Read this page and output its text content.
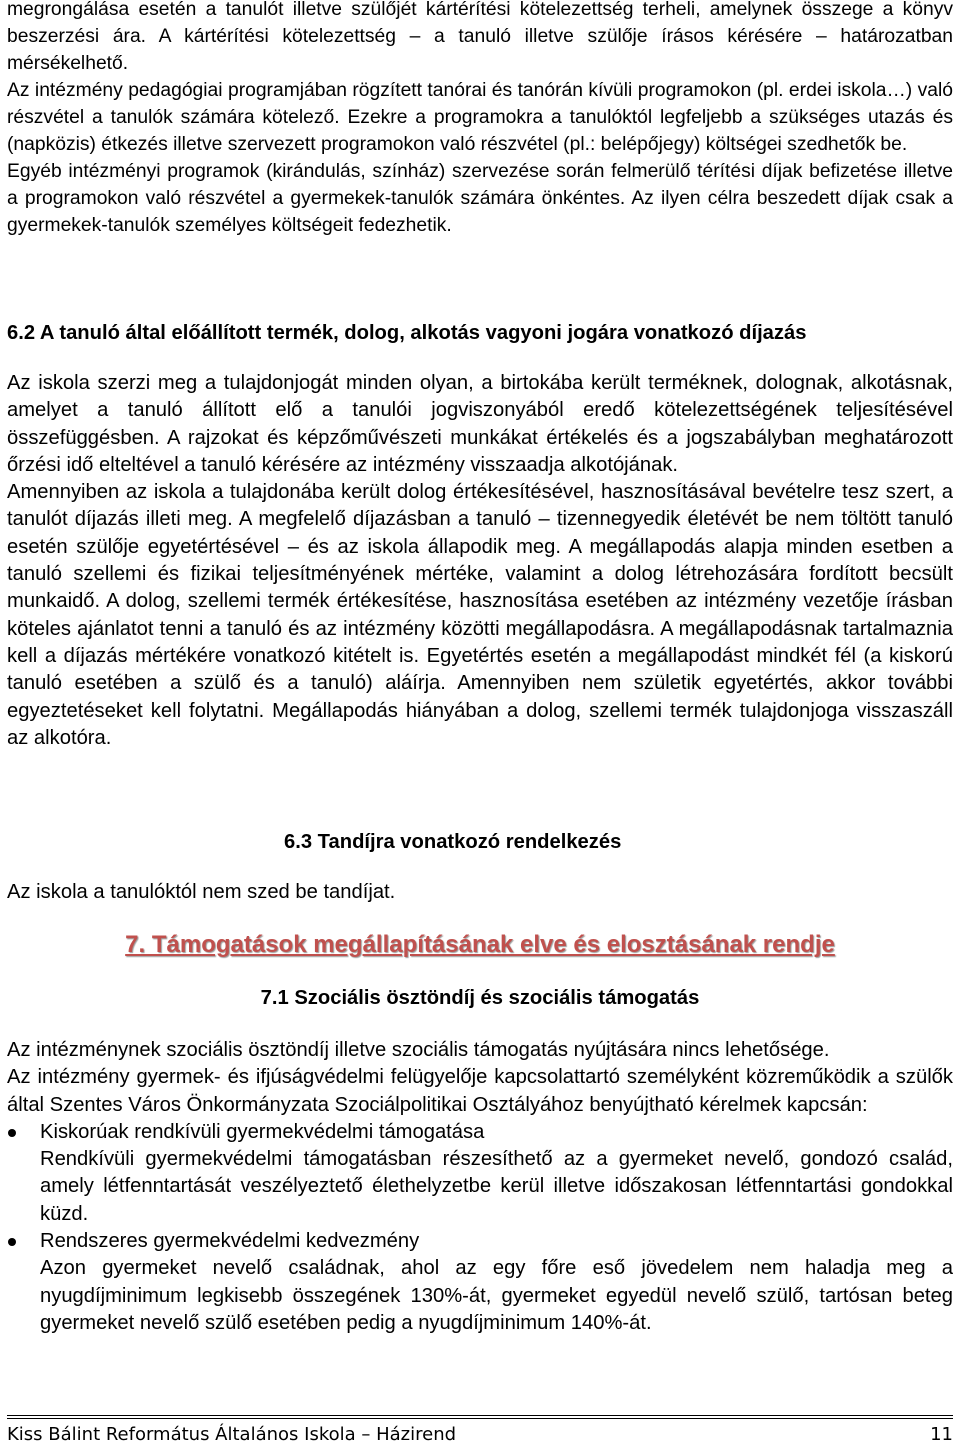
megrongálása esetén a tanulót illetve szülőjét kártérítési kötelezettség terheli, amelynek összege a könyv beszerzési ára. A kártérítési kötelezettség – a tanuló illetve szülője írásos kérésére – határozatban mérsékelhető.

Az intézmény pedagógiai programjában rögzített tanórai és tanórán kívüli programokon (pl. erdei iskola…) való részvétel a tanulók számára kötelező. Ezekre a programokra a tanulóktól legfeljebb a szükséges utazás és (napközis) étkezés illetve szervezett programokon való részvétel (pl.: belépőjegy) költségei szedhetők be.

Egyéb intézményi programok (kirándulás, színház) szervezése során felmerülő térítési díjak befizetése illetve a programokon való részvétel a gyermekek-tanulók számára önkéntes. Az ilyen célra beszedett díjak csak a gyermekek-tanulók személyes költségeit fedezhetik.

6.2 A tanuló által előállított termék, dolog, alkotás vagyoni jogára vonatkozó díjazás

Az iskola szerzi meg a tulajdonjogát minden olyan, a birtokába került terméknek, dolognak, alkotásnak, amelyet a tanuló állított elő a tanulói jogviszonyából eredő kötelezettségének teljesítésével összefüggésben. A rajzokat és képzőművészeti munkákat értékelés és a jogszabályban meghatározott őrzési idő elteltével a tanuló kérésére az intézmény visszaadja alkotójának.

Amennyiben az iskola a tulajdonába került dolog értékesítésével, hasznosításával bevételre tesz szert, a tanulót díjazás illeti meg. A megfelelő díjazásban a tanuló – tizennegyedik életévét be nem töltött tanuló esetén szülője egyetértésével – és az iskola állapodik meg. A megállapodás alapja minden esetben a tanuló szellemi és fizikai teljesítményének mértéke, valamint a dolog létrehozására fordított becsült munkaidő. A dolog, szellemi termék értékesítése, hasznosítása esetében az intézmény vezetője írásban köteles ajánlatot tenni a tanuló és az intézmény közötti megállapodásra. A megállapodásnak tartalmaznia kell a díjazás mértékére vonatkozó kitételt is. Egyetértés esetén a megállapodást mindkét fél (a kiskorú tanuló esetében a szülő és a tanuló) aláírja. Amennyiben nem születik egyetértés, akkor további egyeztetéseket kell folytatni. Megállapodás hiányában a dolog, szellemi termék tulajdonjoga visszaszáll az alkotóra.

6.3 Tandíjra vonatkozó rendelkezés
Az iskola a tanulóktól nem szed be tandíjat.
7. Támogatások megállapításának elve és elosztásának rendje
7.1 Szociális ösztöndíj és szociális támogatás

Az intézménynek szociális ösztöndíj illetve szociális támogatás nyújtására nincs lehetősége.

Az intézmény gyermek- és ifjúságvédelmi felügyelője kapcsolattartó személyként közreműködik a szülők által Szentes Város Önkormányzata Szociálpolitikai Osztályához benyújtható kérelmek kapcsán:

Kiskorúak rendkívüli gyermekvédelmi támogatása

Rendkívüli gyermekvédelmi támogatásban részesíthető az a gyermeket nevelő, gondozó család, amely létfenntartását veszélyeztető élethelyzetbe kerül illetve időszakosan létfenntartási gondokkal küzd.

Rendszeres gyermekvédelmi kedvezmény

Azon gyermeket nevelő családnak, ahol az egy főre eső jövedelem nem haladja meg a nyugdíjminimum legkisebb összegének 130%-át, gyermeket egyedül nevelő szülő, tartósan beteg gyermeket nevelő szülő esetében pedig a nyugdíjminimum 140%-át.

Kiss Bálint Református Általános Iskola – Házirend	11
